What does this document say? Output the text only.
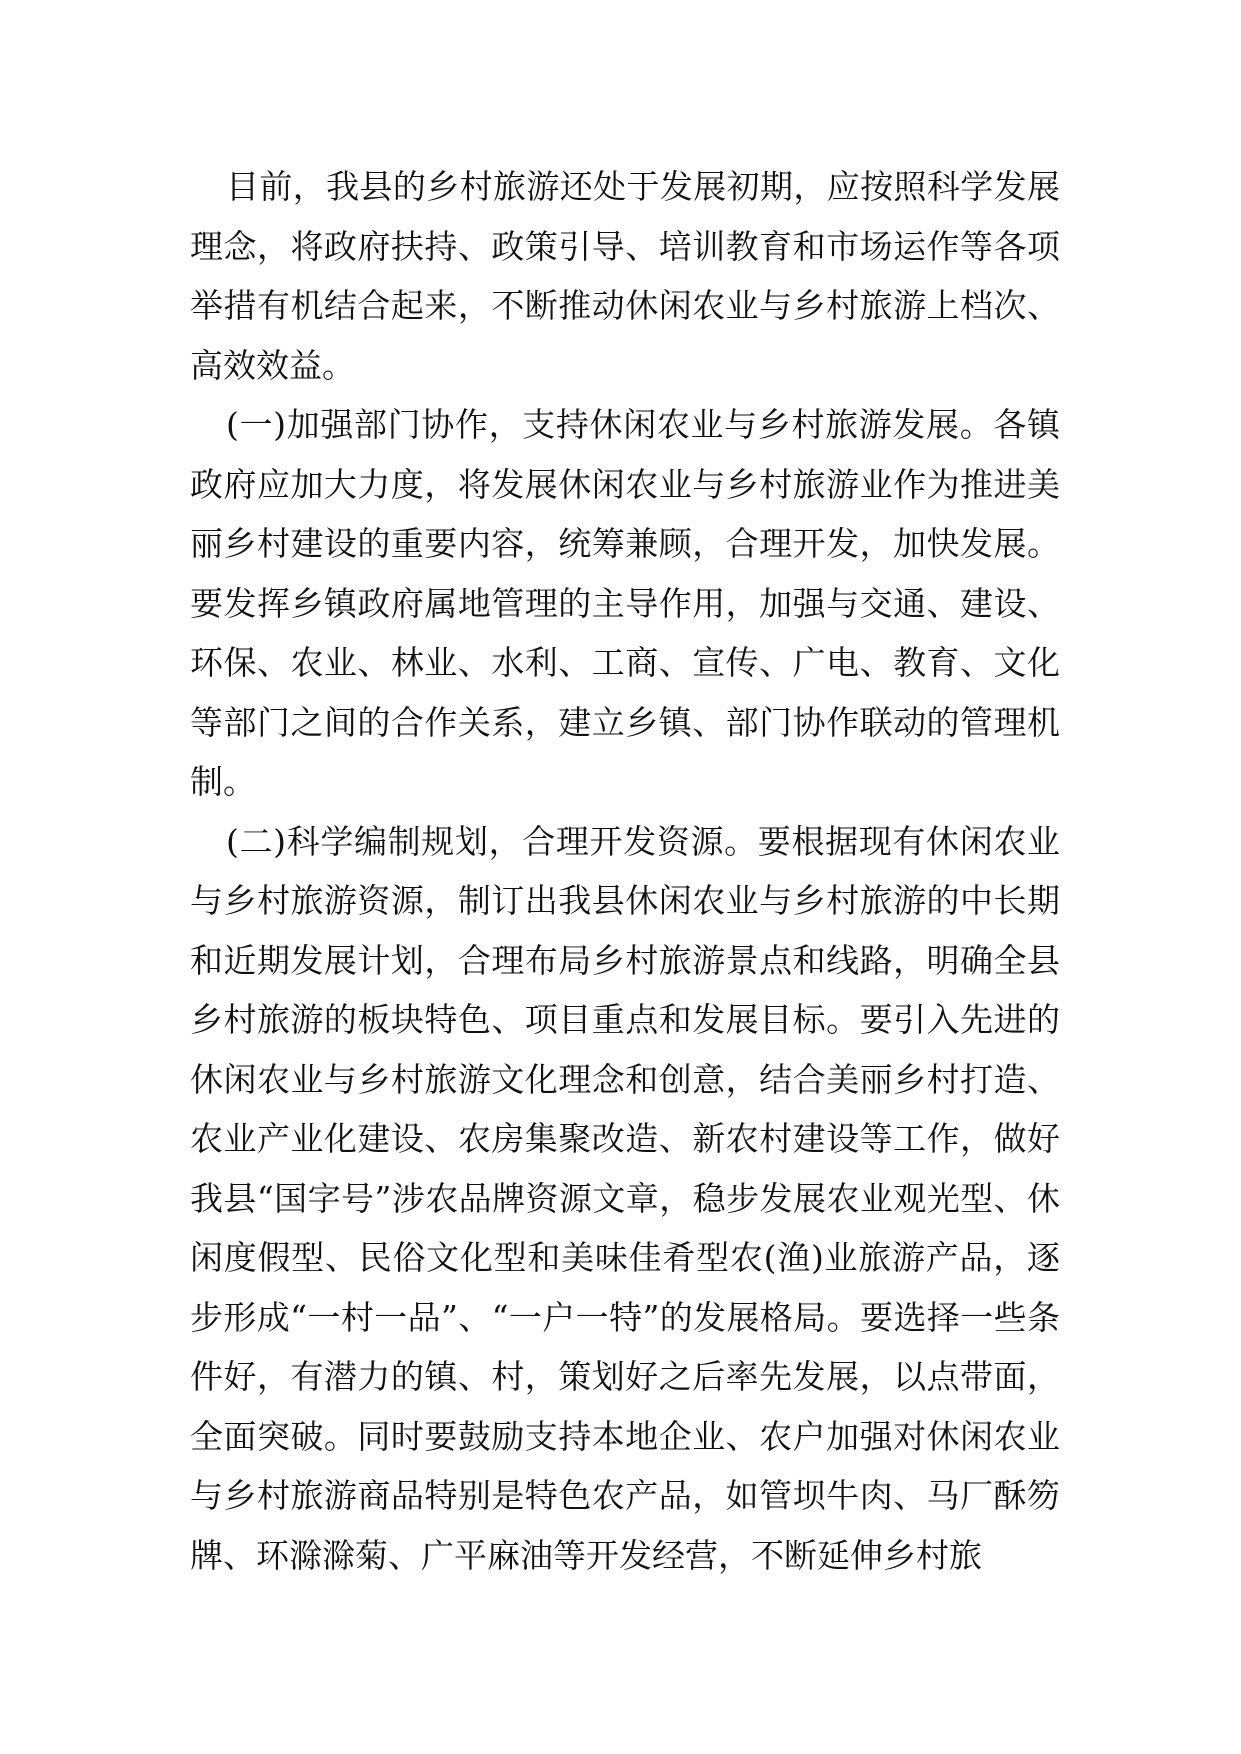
目前，我县的乡村旅游还处于发展初期，应按照科学发展理念，将政府扶持、政策引导、培训教育和市场运作等各项举措有机结合起来，不断推动休闲农业与乡村旅游上档次、高效效益。

(一)加强部门协作，支持休闲农业与乡村旅游发展。各镇政府应加大力度，将发展休闲农业与乡村旅游业作为推进美丽乡村建设的重要内容，统筹兼顾，合理开发，加快发展。要发挥乡镇政府属地管理的主导作用，加强与交通、建设、环保、农业、林业、水利、工商、宣传、广电、教育、文化等部门之间的合作关系，建立乡镇、部门协作联动的管理机制。

(二)科学编制规划，合理开发资源。要根据现有休闲农业与乡村旅游资源，制订出我县休闲农业与乡村旅游的中长期和近期发展计划，合理布局乡村旅游景点和线路，明确全县乡村旅游的板块特色、项目重点和发展目标。要引入先进的休闲农业与乡村旅游文化理念和创意，结合美丽乡村打造、农业产业化建设、农房集聚改造、新农村建设等工作，做好我县“国字号”涉农品牌资源文章，稳步发展农业观光型、休闲度假型、民俗文化型和美味佳肴型农(渔)业旅游产品，逐步形成“一村一品”、“一户一特”的发展格局。要选择一些条件好，有潜力的镇、村，策划好之后率先发展，以点带面，全面突破。同时要鼓励支持本地企业、农户加强对休闲农业与乡村旅游商品特别是特色农产品，如管坝牛肉、马厂酥笏牌、环滁滁菊、广平麻油等开发经营，不断延伸乡村旅
